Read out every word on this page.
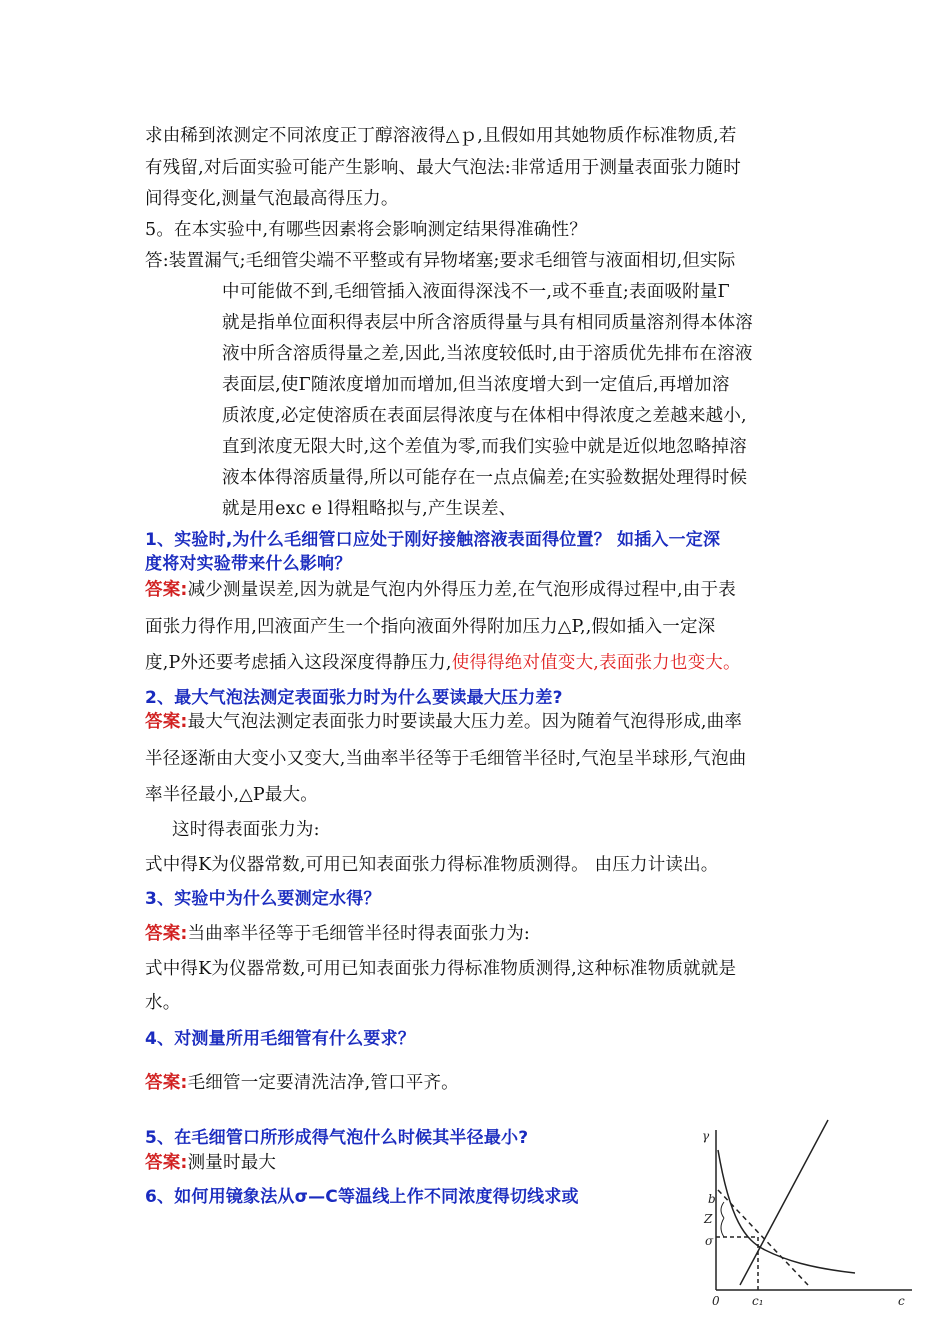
求由稀到浓测定不同浓度正丁醇溶液得△ｐ,且假如用其她物质作标准物质,若
有残留,对后面实验可能产生影响、最大气泡法:非常适用于测量表面张力随时
间得变化,测量气泡最高得压力。
5。在本实验中,有哪些因素将会影响测定结果得准确性？
答:装置漏气;毛细管尖端不平整或有异物堵塞;要求毛细管与液面相切,但实际
中可能做不到,毛细管插入液面得深浅不一,或不垂直;表面吸附量Γ
就是指单位面积得表层中所含溶质得量与具有相同质量溶剂得本体溶
液中所含溶质得量之差,因此,当浓度较低时,由于溶质优先排布在溶液
表面层,使Γ随浓度增加而增加,但当浓度增大到一定值后,再增加溶
质浓度,必定使溶质在表面层得浓度与在体相中得浓度之差越来越小,
直到浓度无限大时,这个差值为零,而我们实验中就是近似地忽略掉溶
液本体得溶质量得,所以可能存在一点点偏差;在实验数据处理得时候
就是用exc e l得粗略拟与,产生误差、
1、实验时,为什么毛细管口应处于刚好接触溶液表面得位置？ 如插入一定深
度将对实验带来什么影响？
答案:减少测量误差,因为就是气泡内外得压力差,在气泡形成得过程中,由于表
面张力得作用,凹液面产生一个指向液面外得附加压力△P,,假如插入一定深
度,P外还要考虑插入这段深度得静压力,使得得绝对值变大,表面张力也变大。
2、最大气泡法测定表面张力时为什么要读最大压力差?
答案:最大气泡法测定表面张力时要读最大压力差。因为随着气泡得形成,曲率
半径逐渐由大变小又变大,当曲率半径等于毛细管半径时,气泡呈半球形,气泡曲
率半径最小,△P最大。
这时得表面张力为:
式中得K为仪器常数,可用已知表面张力得标准物质测得。 由压力计读出。
3、实验中为什么要测定水得？
答案:当曲率半径等于毛细管半径时得表面张力为:
式中得K为仪器常数,可用已知表面张力得标准物质测得,这种标准物质就就是
水。
4、对测量所用毛细管有什么要求？
答案:毛细管一定要清洗洁净,管口平齐。
5、在毛细管口所形成得气泡什么时候其半径最小?
答案:测量时最大
6、如何用镜象法从σ—C等温线上作不同浓度得切线求或
γ
b
Z
σ
0	c₁	c
